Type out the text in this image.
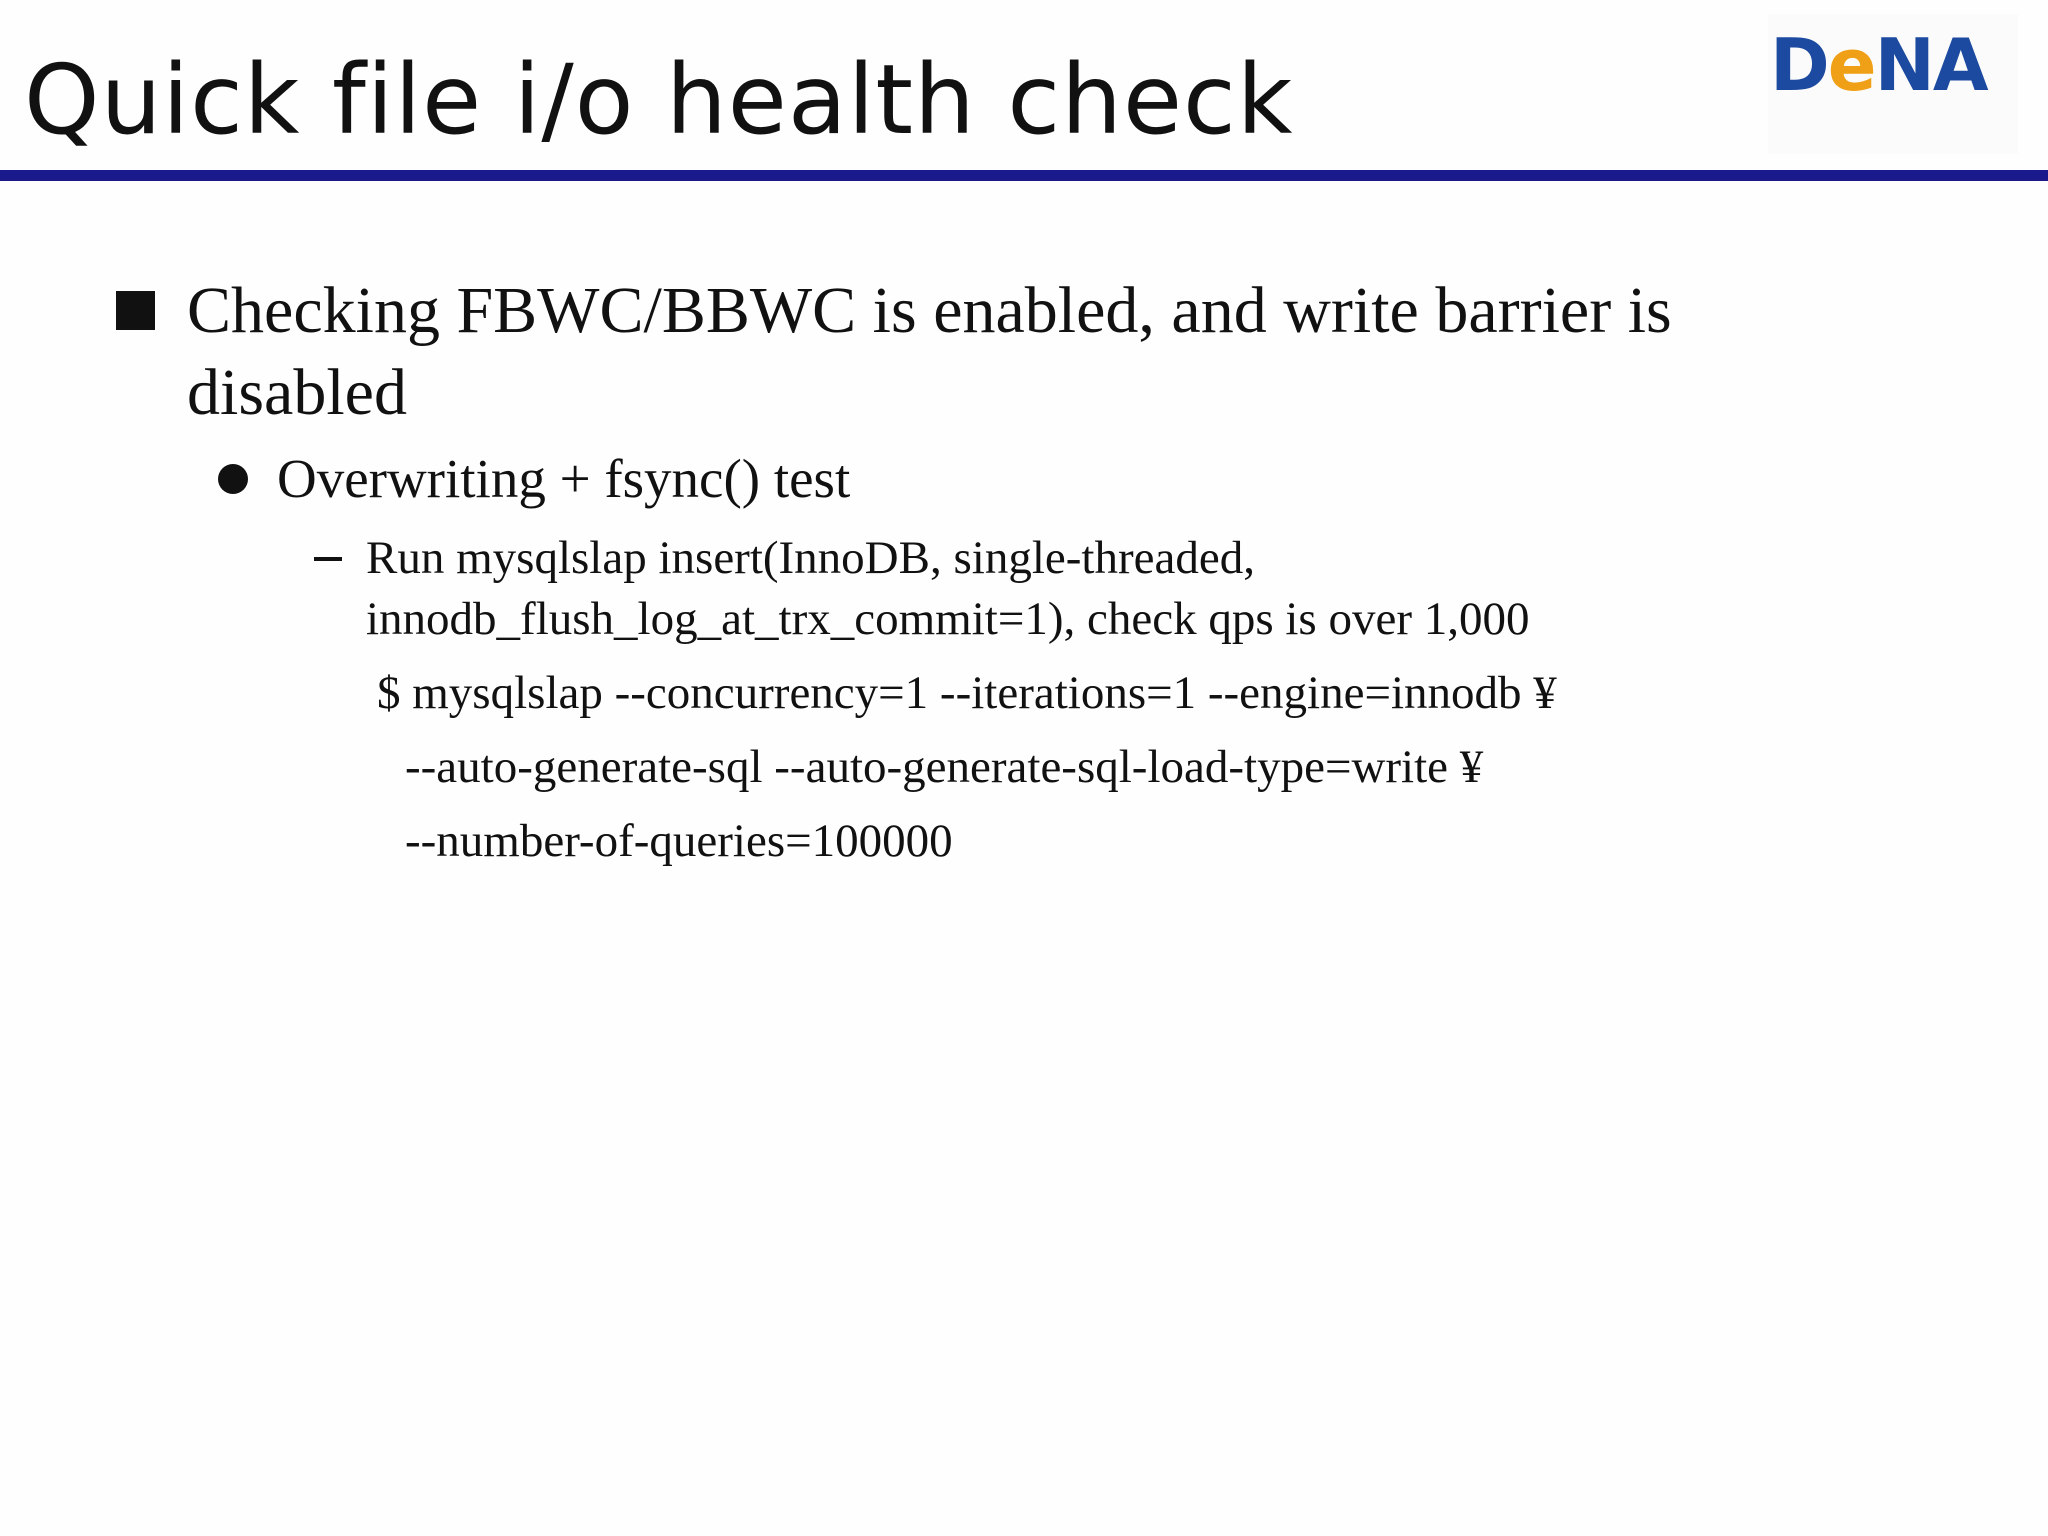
Quick file i/o health check	DeNA
Checking FBWC/BBWC is enabled, and write barrier is
disabled
Overwriting + fsync() test
Run mysqlslap insert(InnoDB, single-threaded,
innodb_flush_log_at_trx_commit=1), check qps is over 1,000
$ mysqlslap --concurrency=1 --iterations=1 --engine=innodb ¥
--auto-generate-sql --auto-generate-sql-load-type=write ¥
--number-of-queries=100000
